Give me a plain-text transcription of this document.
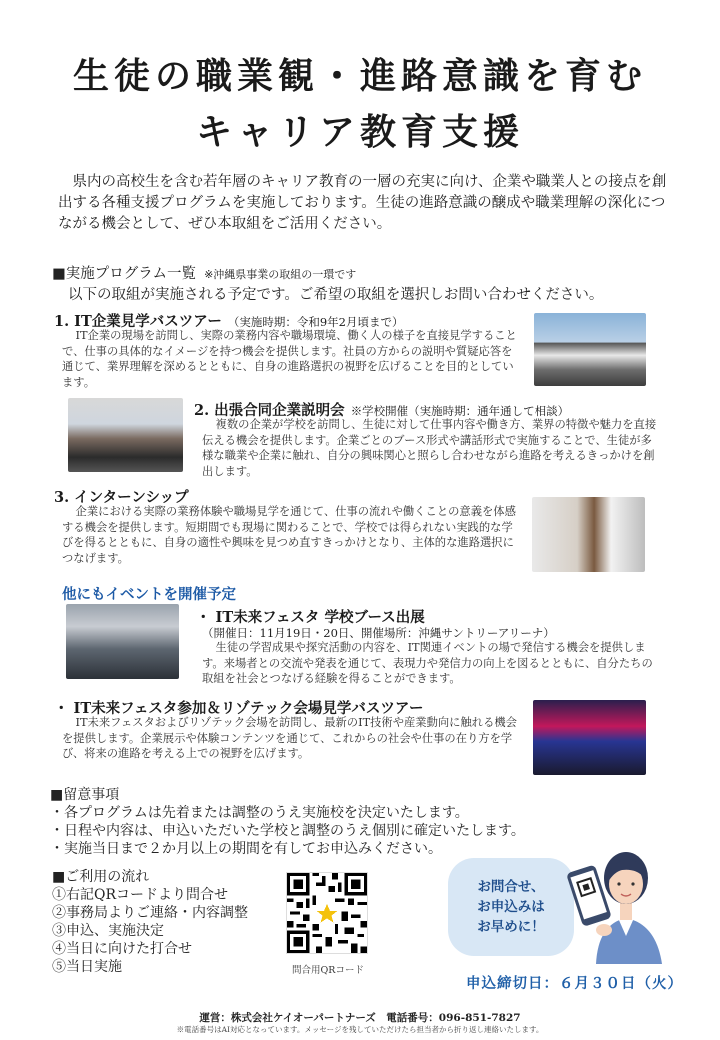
生徒の職業観・進路意識を育む
キャリア教育支援

県内の高校生を含む若年層のキャリア教育の一層の充実に向け、企業や職業人との接点を創出する各種支援プログラムを実施しております。生徒の進路意識の醸成や職業理解の深化につながる機会として、ぜひ本取組をご活用ください。

■実施プログラム一覧 ※沖縄県事業の取組の一環です
以下の取組が実施される予定です。ご希望の取組を選択しお問い合わせください。
1. IT企業見学バスツアー （実施時期：令和9年2月頃まで）

IT企業の現場を訪問し、実際の業務内容や職場環境、働く人の様子を直接見学することで、仕事の具体的なイメージを持つ機会を提供します。社員の方からの説明や質疑応答を通じて、業界理解を深めるとともに、自身の進路選択の視野を広げることを目的としています。

2. 出張合同企業説明会 ※学校開催（実施時期：通年通して相談）

複数の企業が学校を訪問し、生徒に対して仕事内容や働き方、業界の特徴や魅力を直接伝える機会を提供します。企業ごとのブース形式や講話形式で実施することで、生徒が多様な職業や企業に触れ、自分の興味関心と照らし合わせながら進路を考えるきっかけを創出します。

3. インターンシップ

企業における実際の業務体験や職場見学を通じて、仕事の流れや働くことの意義を体感する機会を提供します。短期間でも現場に関わることで、学校では得られない実践的な学びを得るとともに、自身の適性や興味を見つめ直すきっかけとなり、主体的な進路選択につなげます。

他にもイベントを開催予定
・ IT未来フェスタ 学校ブース出展
（開催日：11月19日・20日、開催場所：沖縄サントリーアリーナ）

生徒の学習成果や探究活動の内容を、IT関連イベントの場で発信する機会を提供します。来場者との交流や発表を通じて、表現力や発信力の向上を図るとともに、自分たちの取組を社会とつなげる経験を得ることができます。

・ IT未来フェスタ参加＆リゾテック会場見学バスツアー

IT未来フェスタおよびリゾテック会場を訪問し、最新のIT技術や産業動向に触れる機会を提供します。企業展示や体験コンテンツを通じて、これからの社会や仕事の在り方を学び、将来の進路を考える上での視野を広げます。

■留意事項
・各プログラムは先着または調整のうえ実施校を決定いたします。
・日程や内容は、申込いただいた学校と調整のうえ個別に確定いたします。
・実施当日まで２か月以上の期間を有してお申込みください。
■ご利用の流れ
①右記QRコードより問合せ
②事務局よりご連絡・内容調整
③申込、実施決定
④当日に向けた打合せ
⑤当日実施	問合用QRコード
お問合せ、
お申込みは
お早めに！
申込締切日：６月３０日（火）
運営：株式会社ケイオーパートナーズ　電話番号：096-851-7827
※電話番号はAI対応となっています。メッセージを残していただけたら担当者から折り返し連絡いたします。
